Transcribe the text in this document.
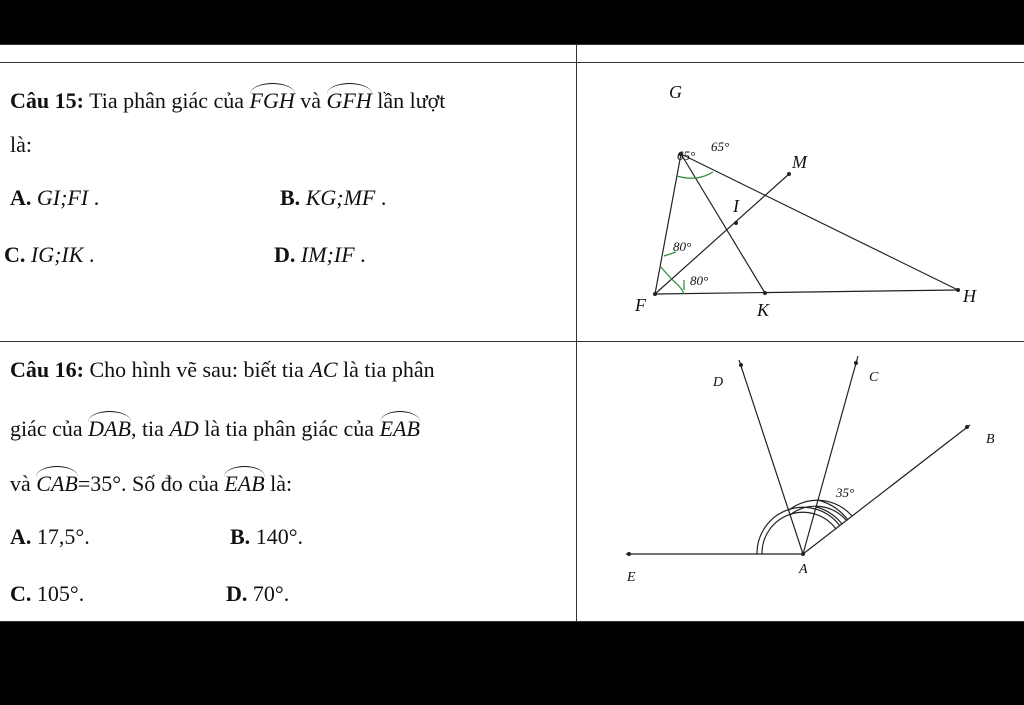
Câu 15: Tia phân giác của FGH và GFH lần lượt
là:
A. GI;FI .	B. KG;MF .
C. IG;IK .	D. IM;IF .
G
M
I
F	K
H
65°
65°
80°
80°
Câu 16: Cho hình vẽ sau: biết tia AC là tia phân
giác của DAB, tia AD là tia phân giác của EAB
và CAB=35°. Số đo của EAB là:
A. 17,5°.	B. 140°.
C. 105°.	D. 70°.
D	C
B
E
A
35°
